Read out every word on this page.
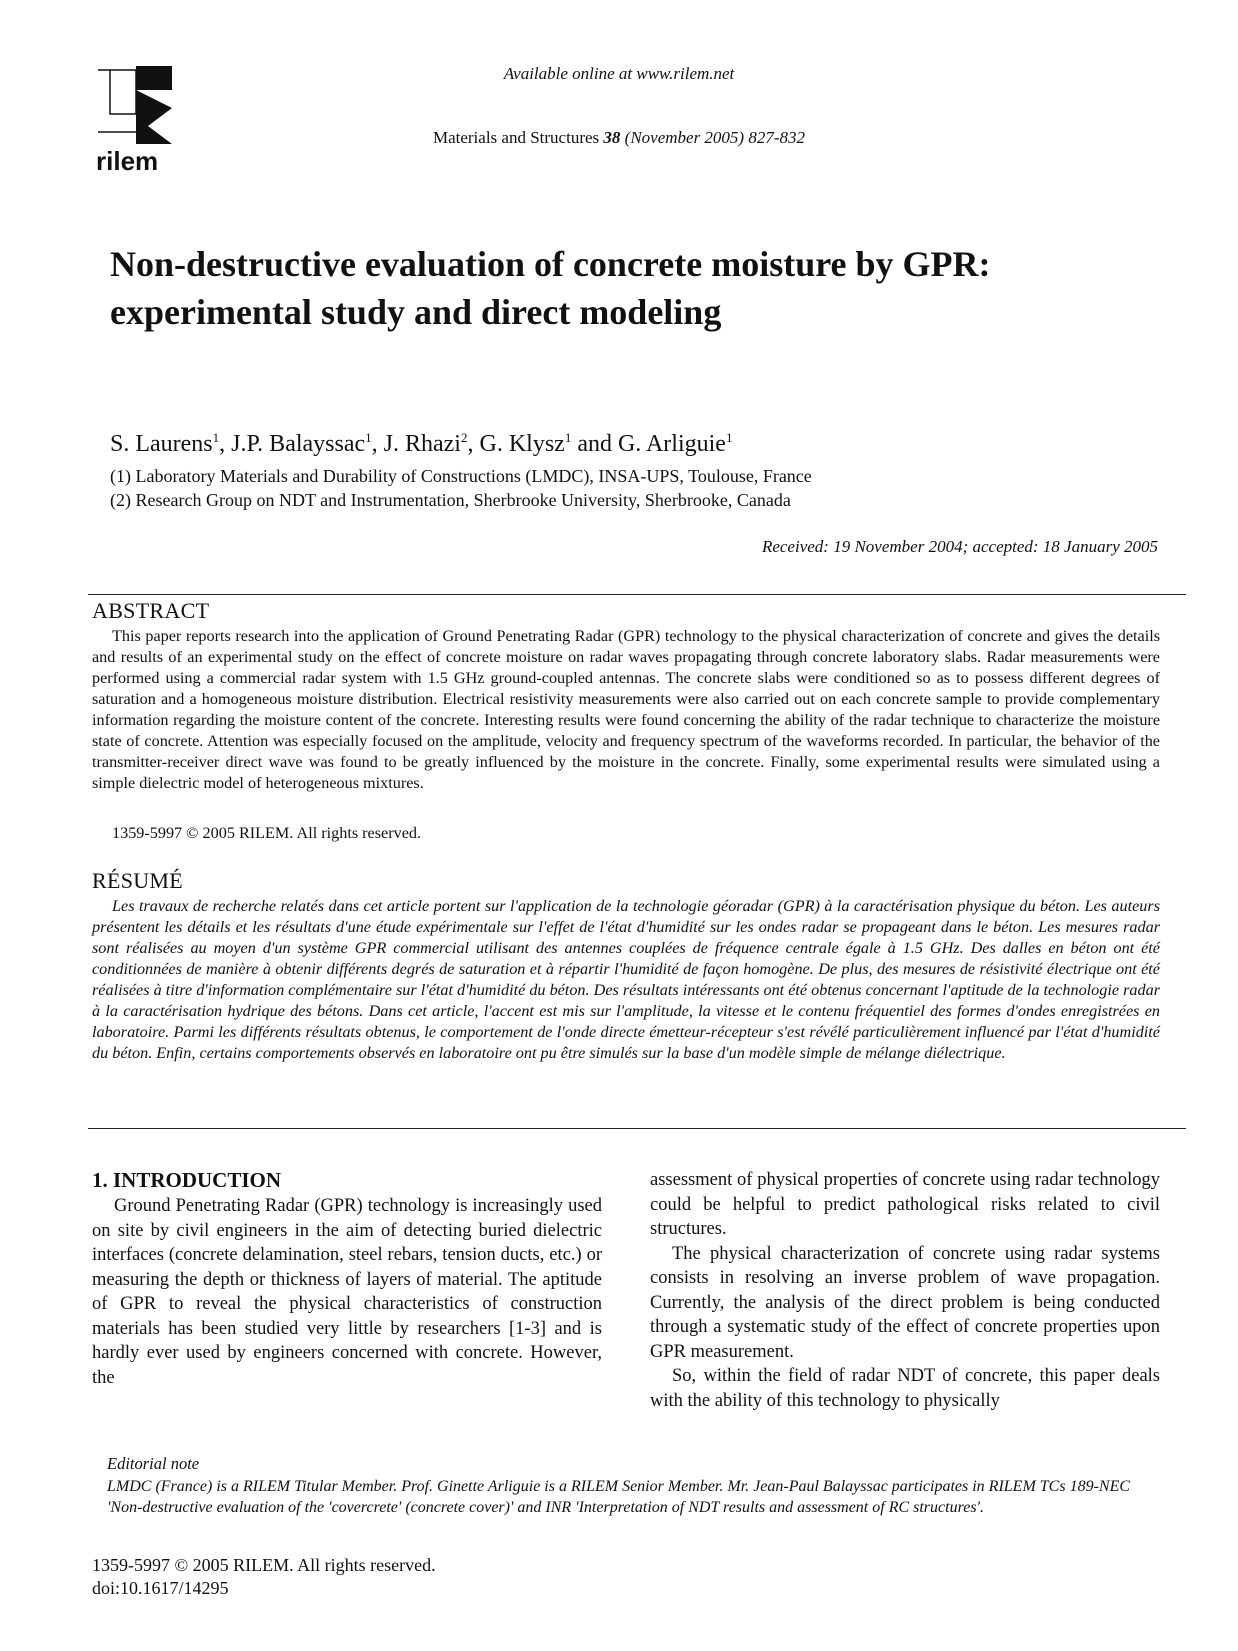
rilem
Available online at www.rilem.net
Materials and Structures 38 (November 2005) 827-832
Non-destructive evaluation of concrete moisture by GPR: experimental study and direct modeling
S. Laurens$^1$, J.P. Balayssac$^1$, J. Rhazi$^2$, G. Klysz$^1$ and G. Arliguie$^1$
(1) Laboratory Materials and Durability of Constructions (LMDC), INSA-UPS, Toulouse, France
(2) Research Group on NDT and Instrumentation, Sherbrooke University, Sherbrooke, Canada
Received: 19 November 2004; accepted: 18 January 2005
ABSTRACT
This paper reports research into the application of Ground Penetrating Radar (GPR) technology to the physical characterization of concrete and gives the details and results of an experimental study on the effect of concrete moisture on radar waves propagating through concrete laboratory slabs. Radar measurements were performed using a commercial radar system with 1.5 GHz ground-coupled antennas. The concrete slabs were conditioned so as to possess different degrees of saturation and a homogeneous moisture distribution. Electrical resistivity measurements were also carried out on each concrete sample to provide complementary information regarding the moisture content of the concrete. Interesting results were found concerning the ability of the radar technique to characterize the moisture state of concrete. Attention was especially focused on the amplitude, velocity and frequency spectrum of the waveforms recorded. In particular, the behavior of the transmitter-receiver direct wave was found to be greatly influenced by the moisture in the concrete. Finally, some experimental results were simulated using a simple dielectric model of heterogeneous mixtures.
1359-5997 © 2005 RILEM. All rights reserved.
RÉSUMÉ
Les travaux de recherche relatés dans cet article portent sur l'application de la technologie géoradar (GPR) à la caractérisation physique du béton. Les auteurs présentent les détails et les résultats d'une étude expérimentale sur l'effet de l'état d'humidité sur les ondes radar se propageant dans le béton. Les mesures radar sont réalisées au moyen d'un système GPR commercial utilisant des antennes couplées de fréquence centrale égale à 1.5 GHz. Des dalles en béton ont été conditionnées de manière à obtenir différents degrés de saturation et à répartir l'humidité de façon homogène. De plus, des mesures de résistivité électrique ont été réalisées à titre d'information complémentaire sur l'état d'humidité du béton. Des résultats intéressants ont été obtenus concernant l'aptitude de la technologie radar à la caractérisation hydrique des bétons. Dans cet article, l'accent est mis sur l'amplitude, la vitesse et le contenu fréquentiel des formes d'ondes enregistrées en laboratoire. Parmi les différents résultats obtenus, le comportement de l'onde directe émetteur-récepteur s'est révélé particulièrement influencé par l'état d'humidité du béton. Enfin, certains comportements observés en laboratoire ont pu être simulés sur la base d'un modèle simple de mélange diélectrique.
1. INTRODUCTION

Ground Penetrating Radar (GPR) technology is increasingly used on site by civil engineers in the aim of detecting buried dielectric interfaces (concrete delamination, steel rebars, tension ducts, etc.) or measuring the depth or thickness of layers of material. The aptitude of GPR to reveal the physical characteristics of construction materials has been studied very little by researchers [1-3] and is hardly ever used by engineers concerned with concrete. However, the

assessment of physical properties of concrete using radar technology could be helpful to predict pathological risks related to civil structures.

The physical characterization of concrete using radar systems consists in resolving an inverse problem of wave propagation. Currently, the analysis of the direct problem is being conducted through a systematic study of the effect of concrete properties upon GPR measurement.

So, within the field of radar NDT of concrete, this paper deals with the ability of this technology to physically

Editorial note
LMDC (France) is a RILEM Titular Member. Prof. Ginette Arliguie is a RILEM Senior Member. Mr. Jean-Paul Balayssac participates in RILEM TCs 189-NEC 'Non-destructive evaluation of the 'covercrete' (concrete cover)' and INR 'Interpretation of NDT results and assessment of RC structures'.
1359-5997 © 2005 RILEM. All rights reserved.
doi:10.1617/14295
